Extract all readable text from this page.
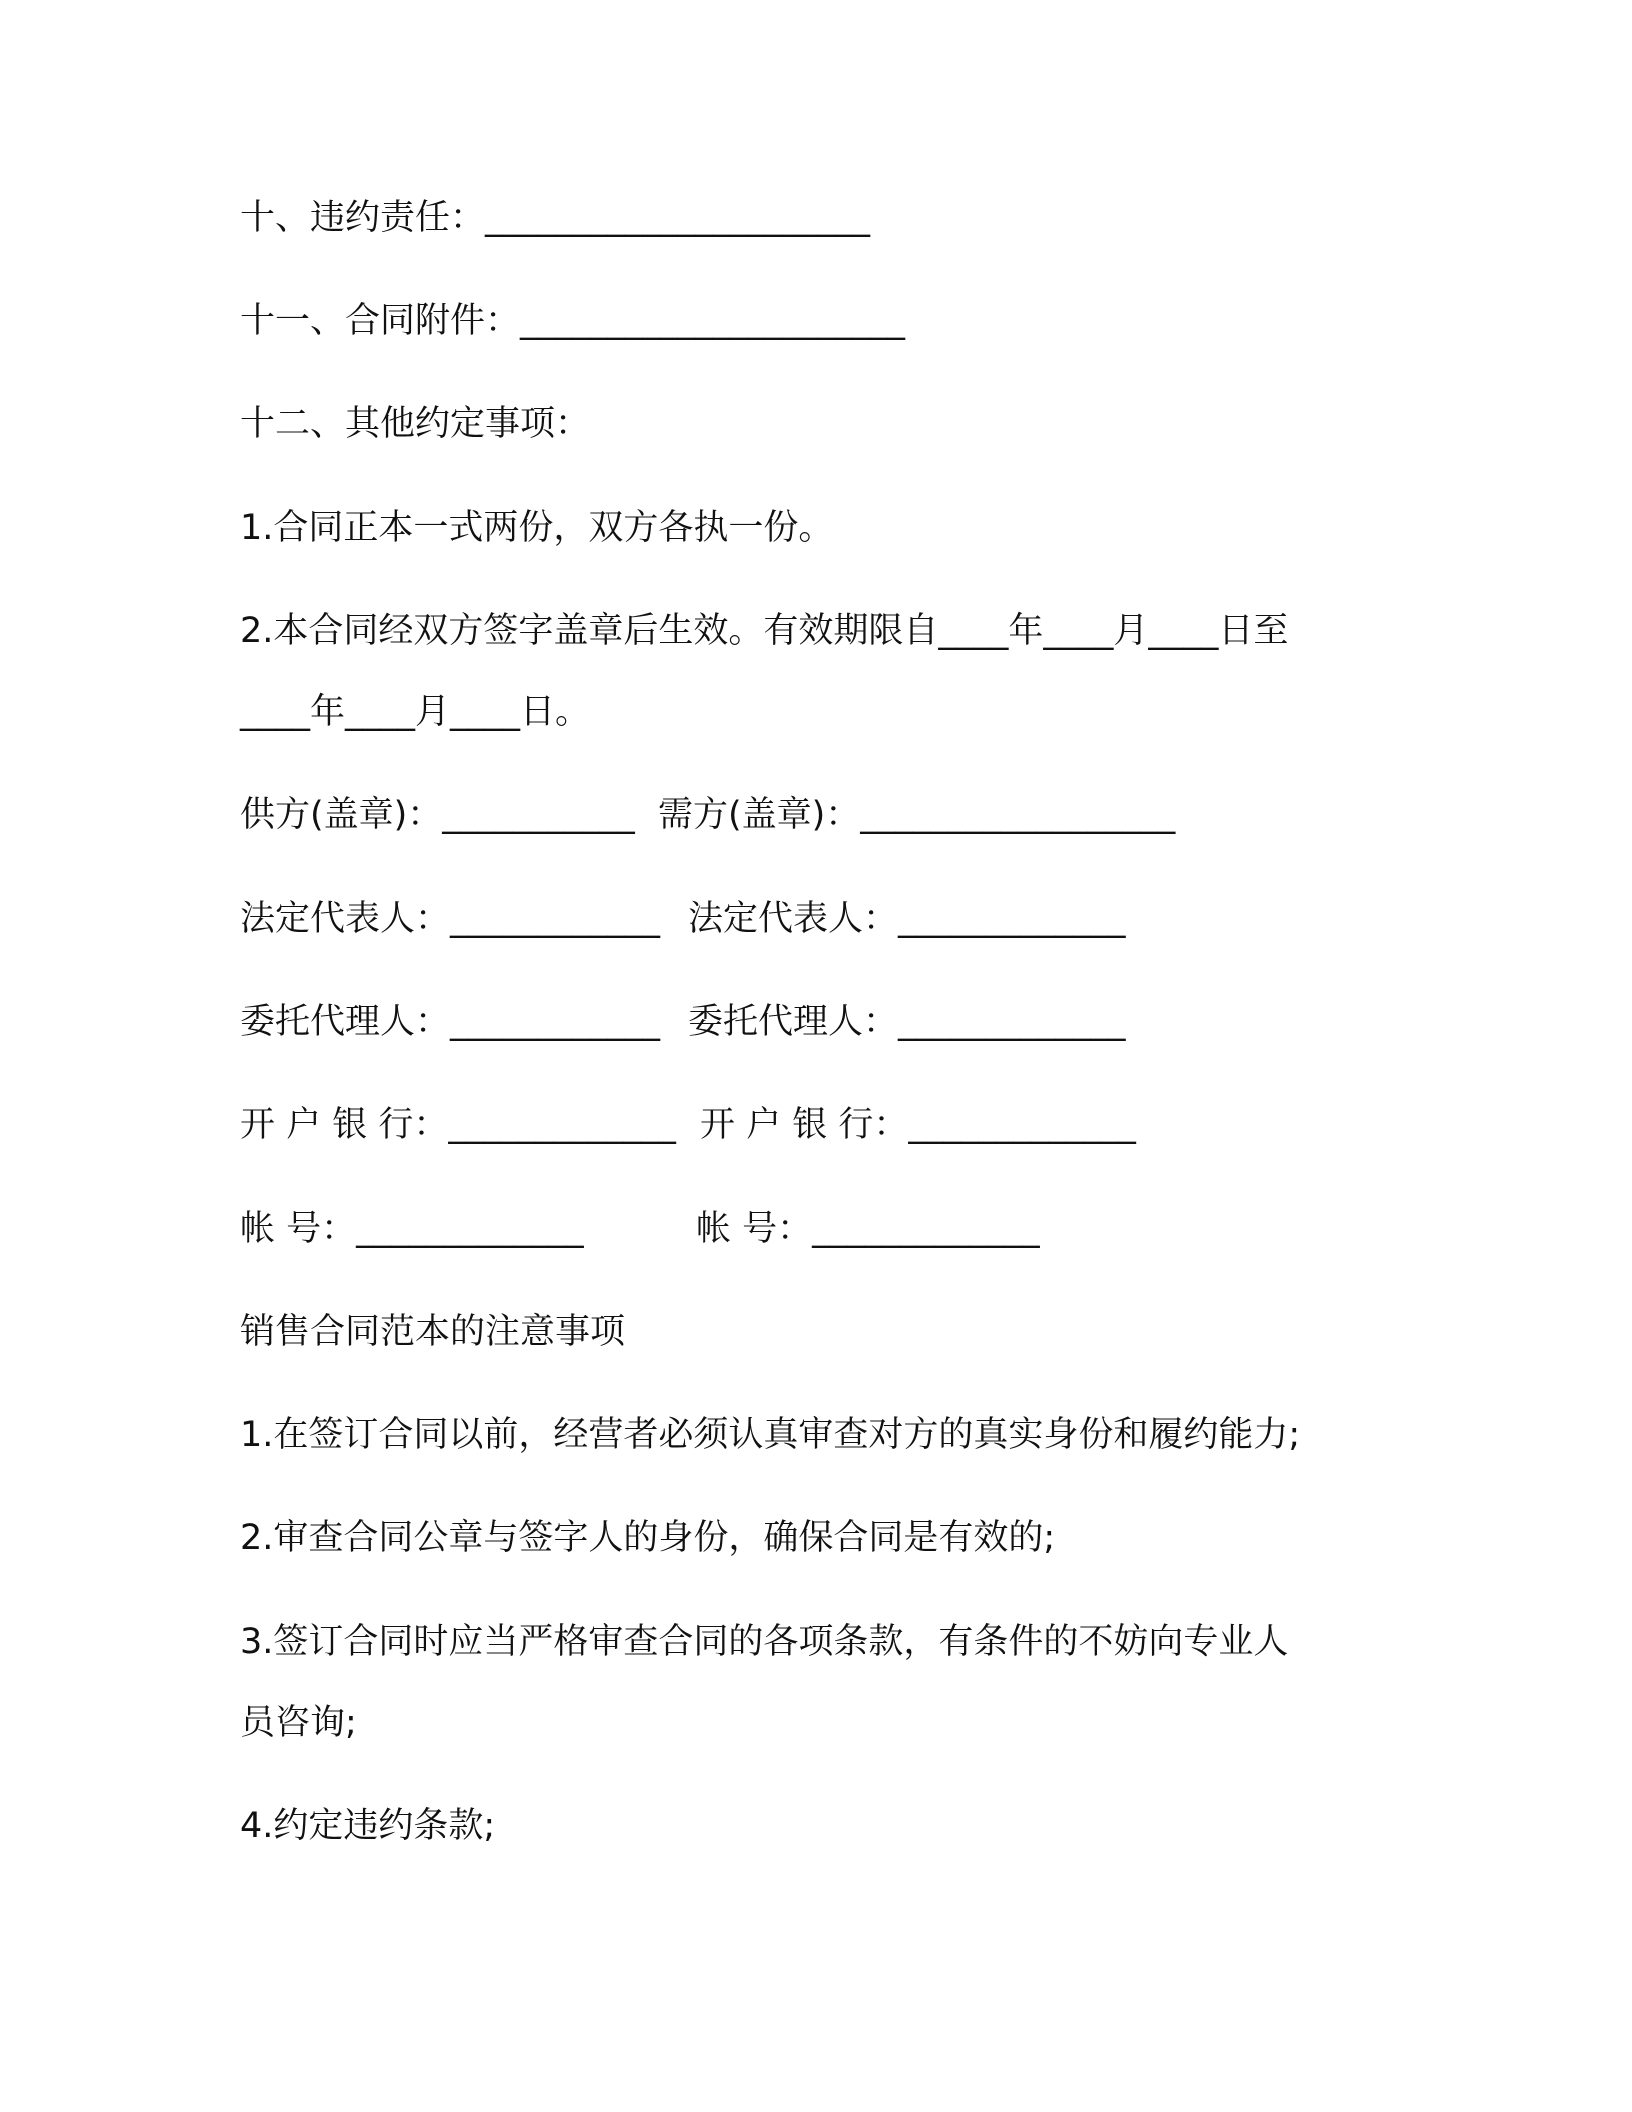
十、违约责任：______________________
十一、合同附件：______________________
十二、其他约定事项：
1.合同正本一式两份，双方各执一份。
2.本合同经双方签字盖章后生效。有效期限自____年____月____日至
____年____月____日。
供方(盖章)：___________ 需方(盖章)：__________________
法定代表人：____________ 法定代表人：_____________
委托代理人：____________ 委托代理人：_____________
开 户 银 行：_____________ 开 户 银 行：_____________
帐 号：_____________	帐 号：_____________
销售合同范本的注意事项
1.在签订合同以前，经营者必须认真审查对方的真实身份和履约能力;
2.审查合同公章与签字人的身份，确保合同是有效的;
3.签订合同时应当严格审查合同的各项条款，有条件的不妨向专业人
员咨询;
4.约定违约条款;
